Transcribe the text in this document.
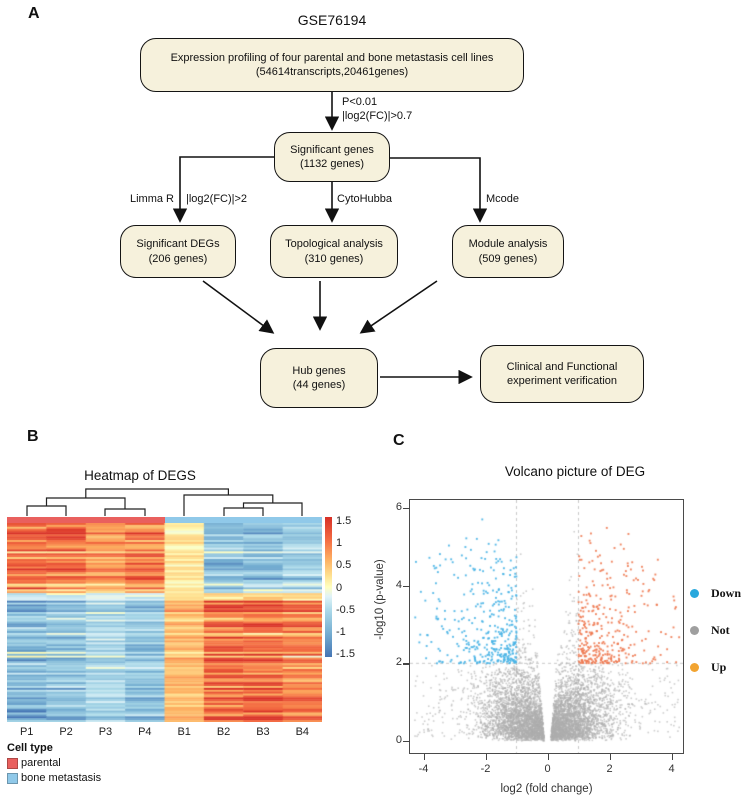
A	GSE76194
Expression profiling of four parental and bone metastasis cell lines
(54614transcripts,20461genes)
Significant genes
(1132 genes)
Significant DEGs
(206 genes)
Topological analysis
(310 genes)
Module analysis
(509 genes)
Hub genes
(44 genes)
Clinical and Functional
experiment verification
P<0.01
|log2(FC)|>0.7
Limma R |log2(FC)|>2	CytoHubba	Mcode
B
Heatmap of DEGS
Cell type
C
Volcano picture of DEG
log2 (fold change)
-log10 (p-value)
P1	P2	P3	P4	B1	B2	B3	B4
1.5
1
0.5
0
-0.5
-1
-1.5
parental
bone metastasis
0
2
4
6
-4	-2	0	2	4
Down
Not
Up
